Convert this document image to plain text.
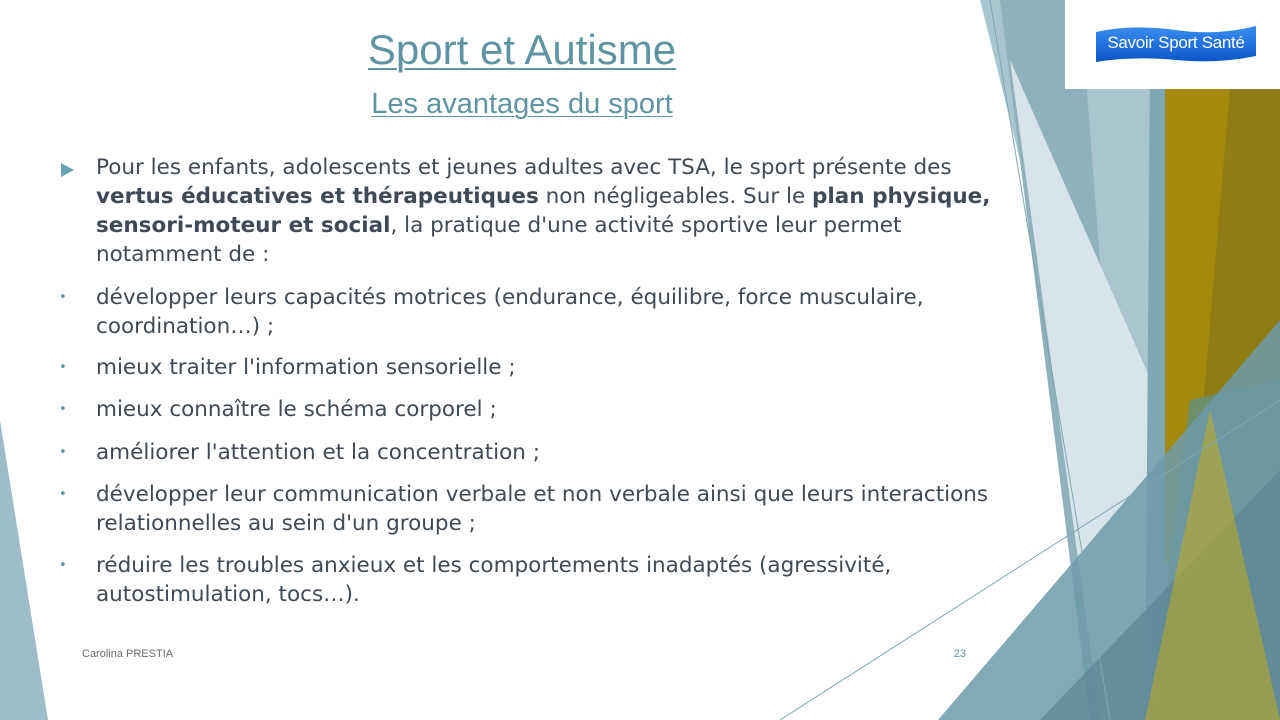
Savoir Sport Santé
Sport et Autisme
Les avantages du sport

Pour les enfants, adolescents et jeunes adultes avec TSA, le sport présente des vertus éducatives et thérapeutiques non négligeables. Sur le plan physique, sensori-moteur et social, la pratique d'une activité sportive leur permet notamment de :

• développer leurs capacités motrices (endurance, équilibre, force musculaire, coordination…) ;
• mieux traiter l'information sensorielle ;
• mieux connaître le schéma corporel ;
• améliorer l'attention et la concentration ;
• développer leur communication verbale et non verbale ainsi que leurs interactions relationnelles au sein d'un groupe ;
• réduire les troubles anxieux et les comportements inadaptés (agressivité, autostimulation, tocs…).
Carolina PRESTIA	23
